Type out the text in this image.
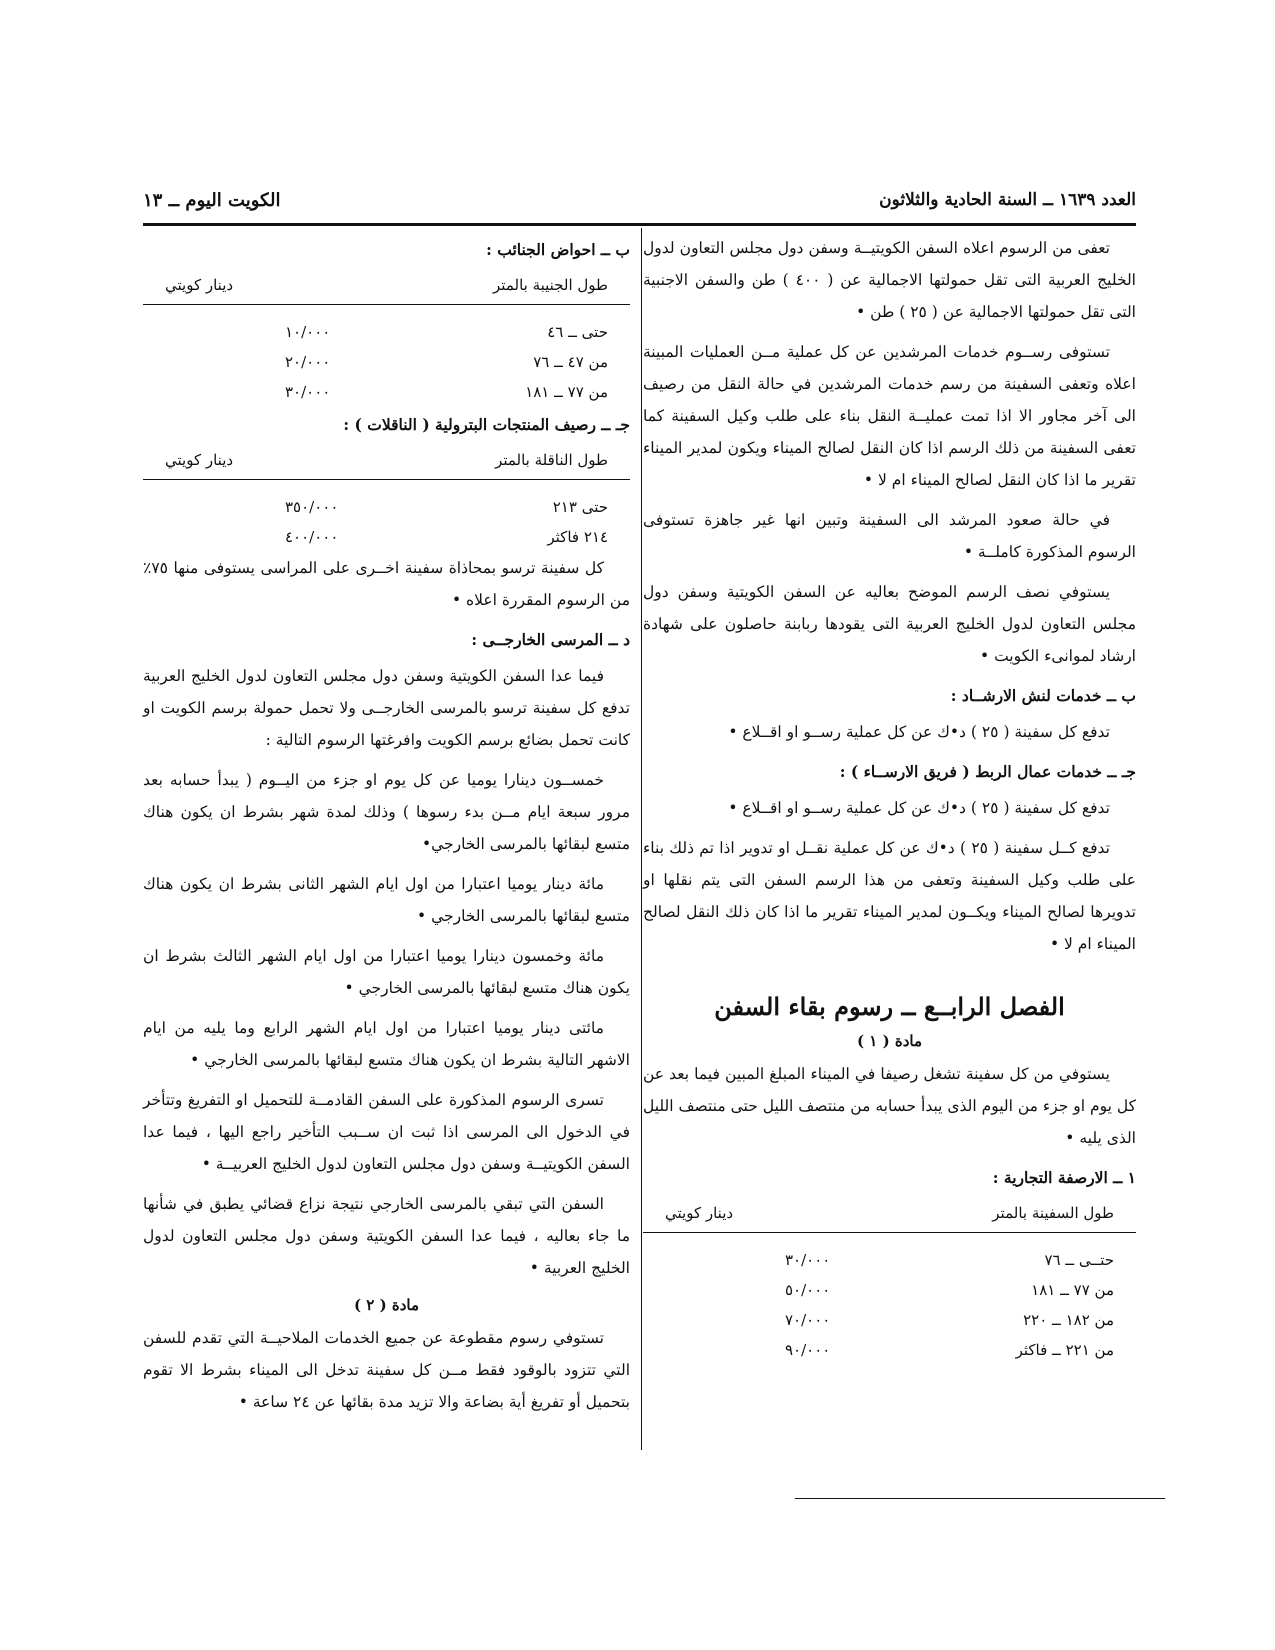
العدد ١٦٣٩ ــ السنة الحادية والثلاثون
الكويت اليوم ــ ١٣

تعفى من الرسوم اعلاه السفن الكويتيــة وسفن دول مجلس التعاون لدول الخليج العربية التى تقل حمولتها الاجمالية عن ( ٤٠٠ ) طن والسفن الاجنبية التى تقل حمولتها الاجمالية عن ( ٢٥ ) طن •

تستوفى رســوم خدمات المرشدين عن كل عملية مــن العمليات المبينة اعلاه وتعفى السفينة من رسم خدمات المرشدين في حالة النقل من رصيف الى آخر مجاور الا اذا تمت عمليــة النقل بناء على طلب وكيل السفينة كما تعفى السفينة من ذلك الرسم اذا كان النقل لصالح الميناء ويكون لمدير الميناء تقرير ما اذا كان النقل لصالح الميناء ام لا •

في حالة صعود المرشد الى السفينة وتبين انها غير جاهزة تستوفى الرسوم المذكورة كاملــة •

يستوفي نصف الرسم الموضح بعاليه عن السفن الكويتية وسفن دول مجلس التعاون لدول الخليج العربية التى يقودها ربابنة حاصلون على شهادة ارشاد لموانىء الكويت •

ب ــ خدمات لنش الارشــاد :

تدفع كل سفينة ( ٢٥ ) د•ك عن كل عملية رســو او اقــلاع •

جـ ــ خدمات عمال الربط ( فريق الارســاء ) :

تدفع كل سفينة ( ٢٥ ) د•ك عن كل عملية رســو او اقــلاع •

تدفع كــل سفينة ( ٢٥ ) د•ك عن كل عملية نقــل او تدوير اذا تم ذلك بناء على طلب وكيل السفينة وتعفى من هذا الرسم السفن التى يتم نقلها او تدويرها لصالح الميناء ويكــون لمدير الميناء تقرير ما اذا كان ذلك النقل لصالح الميناء ام لا •

الفصل الرابــع ــ رسوم بقاء السفن
مادة ( ١ )

يستوفي من كل سفينة تشغل رصيفا في الميناء المبلغ المبين فيما بعد عن كل يوم او جزء من اليوم الذى يبدأ حسابه من منتصف الليل حتى منتصف الليل الذى يليه •

١ ــ الارصفة التجارية :
طول السفينة بالمتر
دينار كويتي
حتــى ــ ٧٦
٣٠/٠٠٠
من ٧٧ ــ ١٨١
٥٠/٠٠٠
من ١٨٢ ــ ٢٢٠
٧٠/٠٠٠
من ٢٢١ ــ فاكثر
٩٠/٠٠٠
ب ــ احواض الجنائب :
طول الجنيبة بالمتر
دينار كويتي
حتى ــ ٤٦
١٠/٠٠٠
من ٤٧ ــ ٧٦
٢٠/٠٠٠
من ٧٧ ــ ١٨١
٣٠/٠٠٠
جـ ــ رصيف المنتجات البترولية ( الناقلات ) :
طول الناقلة بالمتر
دينار كويتي
حتى ٢١٣
٣٥٠/٠٠٠
٢١٤ فاكثر
٤٠٠/٠٠٠

كل سفينة ترسو بمحاذاة سفينة اخــرى على المراسى يستوفى منها ٧٥٪ من الرسوم المقررة اعلاه •

د ــ المرسى الخارجــى :

فيما عدا السفن الكويتية وسفن دول مجلس التعاون لدول الخليج العربية تدفع كل سفينة ترسو بالمرسى الخارجــى ولا تحمل حمولة برسم الكويت او كانت تحمل بضائع برسم الكويت وافرغتها الرسوم التالية :

خمســون دينارا يوميا عن كل يوم او جزء من اليــوم ( يبدأ حسابه بعد مرور سبعة ايام مــن بدء رسوها ) وذلك لمدة شهر بشرط ان يكون هناك متسع لبقائها بالمرسى الخارجي•

مائة دينار يوميا اعتبارا من اول ايام الشهر الثانى بشرط ان يكون هناك متسع لبقائها بالمرسى الخارجي •

مائة وخمسون دينارا يوميا اعتبارا من اول ايام الشهر الثالث بشرط ان يكون هناك متسع لبقائها بالمرسى الخارجي •

مائتى دينار يوميا اعتبارا من اول ايام الشهر الرابع وما يليه من ايام الاشهر التالية بشرط ان يكون هناك متسع لبقائها بالمرسى الخارجي •

تسرى الرسوم المذكورة على السفن القادمــة للتحميل او التفريغ وتتأخر في الدخول الى المرسى اذا ثبت ان ســبب التأخير راجع اليها ، فيما عدا السفن الكويتيــة وسفن دول مجلس التعاون لدول الخليج العربيــة •

السفن التي تبقي بالمرسى الخارجي نتيجة نزاع قضائي يطبق في شأنها ما جاء بعاليه ، فيما عدا السفن الكويتية وسفن دول مجلس التعاون لدول الخليج العربية •

مادة ( ٢ )

تستوفي رسوم مقطوعة عن جميع الخدمات الملاحيــة التي تقدم للسفن التي تتزود بالوقود فقط مــن كل سفينة تدخل الى الميناء بشرط الا تقوم بتحميل أو تفريغ أية بضاعة والا تزيد مدة بقائها عن ٢٤ ساعة •
